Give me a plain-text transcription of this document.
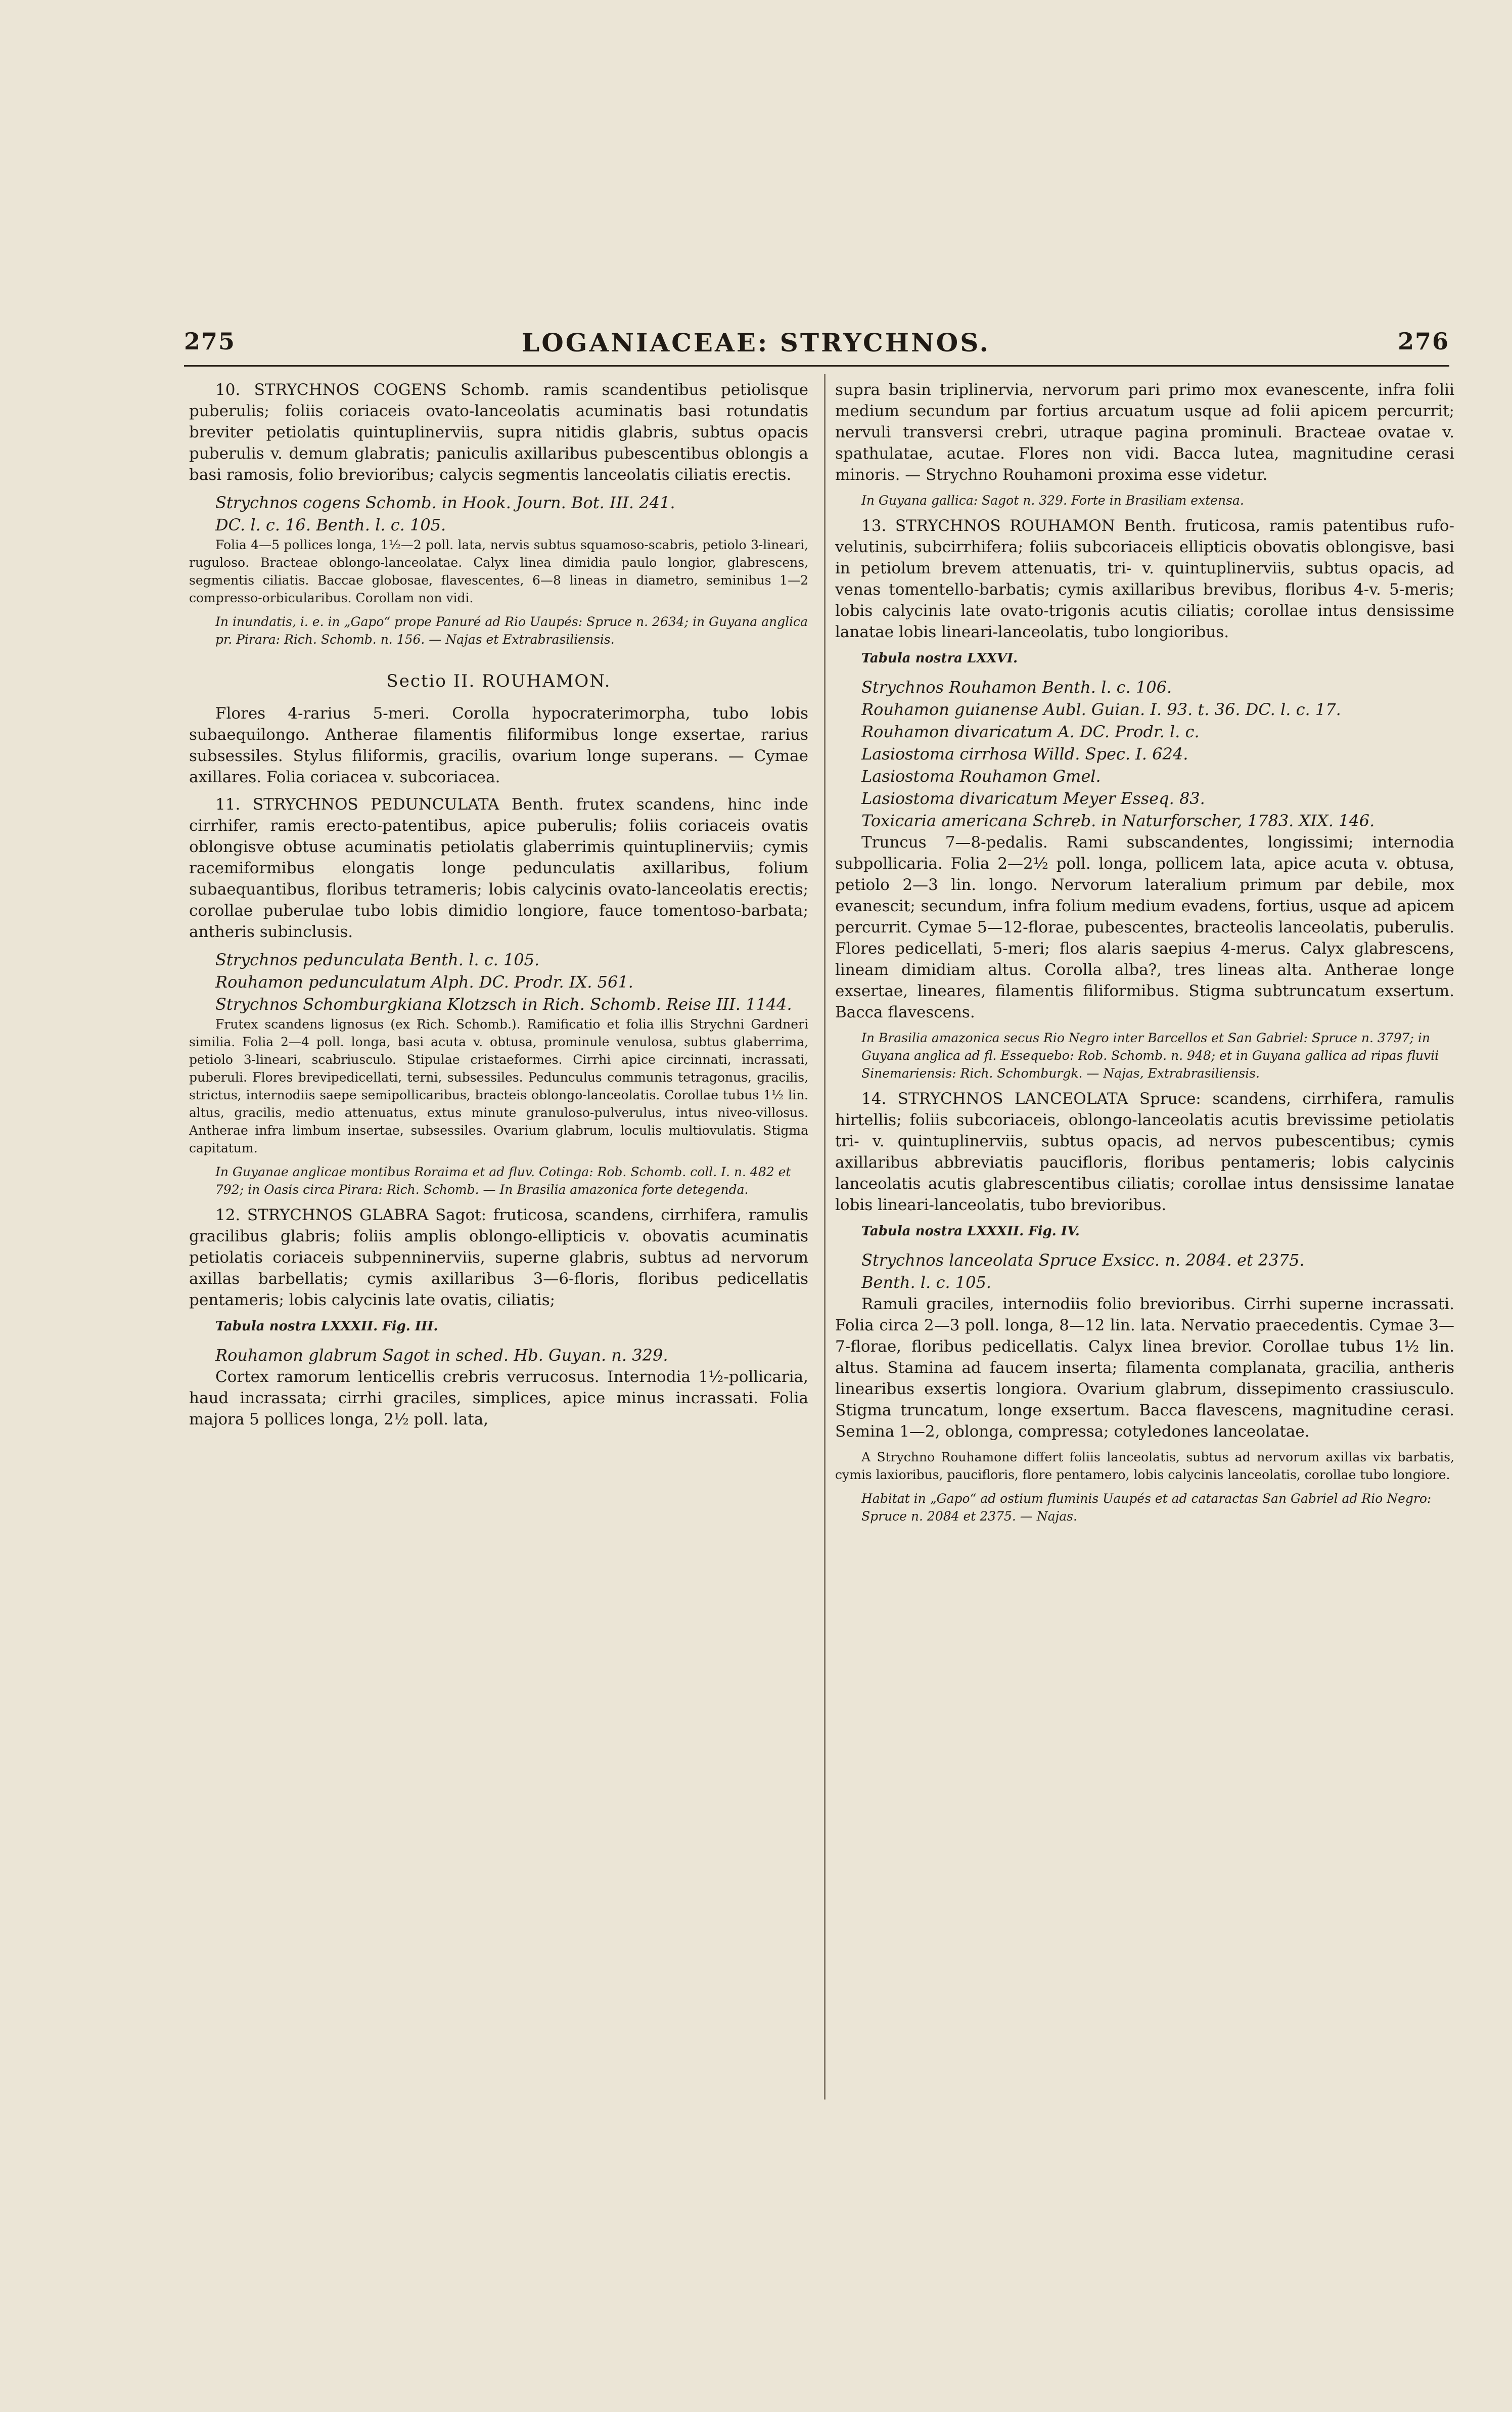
275	LOGANIACEAE: STRYCHNOS.	276

10. STRYCHNOS COGENS Schomb. ramis scandentibus petiolisque puberulis; foliis coriaceis ovato-lanceolatis acuminatis basi rotundatis breviter petiolatis quintuplinerviis, supra nitidis glabris, subtus opacis puberulis v. demum glabratis; paniculis axillaribus pubescentibus oblongis a basi ramosis, folio brevioribus; calycis segmentis lanceolatis ciliatis erectis.

Strychnos cogens Schomb. in Hook. Journ. Bot. III. 241.
DC. l. c. 16. Benth. l. c. 105.

Folia 4—5 pollices longa, 1½—2 poll. lata, nervis subtus squamoso-scabris, petiolo 3-lineari, rugulosо. Bracteae oblongo-lanceolatae. Calyx linea dimidia paulo longior, glabrescens, segmentis ciliatis. Baccae globosae, flavescentes, 6—8 lineas in diametro, seminibus 1—2 compresso-orbicularibus. Corollam non vidi.

In inundatis, i. e. in „Gapo“ prope Panuré ad Rio Uaupés: Spruce n. 2634; in Guyana anglica pr. Pirara: Rich. Schomb. n. 156. — Najas et Extrabrasiliensis.

Sectio II. ROUHAMON.

Flores 4-rarius 5-meri. Corolla hypocraterimorpha, tubo lobis subaequilongo. Antherae filamentis filiformibus longe exsertae, rarius subsessiles. Stylus filiformis, gracilis, ovarium longe superans. — Cymae axillares. Folia coriacea v. subcoriacea.

11. STRYCHNOS PEDUNCULATA Benth. frutex scandens, hinc inde cirrhifer, ramis erecto-patentibus, apice puberulis; foliis coriaceis ovatis oblongisve obtuse acuminatis petiolatis glaberrimis quintuplinerviis; cymis racemiformibus elongatis longe pedunculatis axillaribus, folium subaequantibus, floribus tetrameris; lobis calycinis ovato-lanceolatis erectis; corollae puberulae tubo lobis dimidio longiore, fauce tomentoso-barbata; antheris subinclusis.

Strychnos pedunculata Benth. l. c. 105.
Rouhamon pedunculatum Alph. DC. Prodr. IX. 561.
Strychnos Schomburgkiana Klotzsch in Rich. Schomb. Reise III. 1144.

Frutex scandens lignosus (ex Rich. Schomb.). Ramificatio et folia illis Strychni Gardneri similia. Folia 2—4 poll. longa, basi acuta v. obtusa, prominule venulosa, subtus glaberrima, petiolo 3-lineari, scabriusculo. Stipulae cristaeformes. Cirrhi apice circinnati, incrassati, puberuli. Flores brevipedicellati, terni, subsessiles. Pedunculus communis tetragonus, gracilis, strictus, internodiis saepe semipollicaribus, bracteis oblongo-lanceolatis. Corollae tubus 1½ lin. altus, gracilis, medio attenuatus, extus minute granuloso-pulverulus, intus niveo-villosus. Antherae infra limbum insertae, subsessiles. Ovarium glabrum, loculis multiovulatis. Stigma capitatum.

In Guyanae anglicae montibus Roraima et ad fluv. Cotinga: Rob. Schomb. coll. I. n. 482 et 792; in Oasis circa Pirara: Rich. Schomb. — In Brasilia amazonica forte detegenda.

12. STRYCHNOS GLABRA Sagot: fruticosa, scandens, cirrhifera, ramulis gracilibus glabris; foliis amplis oblongo-ellipticis v. obovatis acuminatis petiolatis coriaceis subpenninerviis, superne glabris, subtus ad nervorum axillas barbellatis; cymis axillaribus 3—6-floris, floribus pedicellatis pentameris; lobis calycinis late ovatis, ciliatis;

Tabula nostra LXXXII. Fig. III.

Rouhamon glabrum Sagot in sched. Hb. Guyan. n. 329.

Cortex ramorum lenticellis crebris verrucosus. Internodia 1½-pollicaria, haud incrassata; cirrhi graciles, simplices, apice minus incrassati. Folia majora 5 pollices longa, 2½ poll. lata,

supra basin triplinervia, nervorum pari primo mox evanescente, infra folii medium secundum par fortius arcuatum usque ad folii apicem percurrit; nervuli transversi crebri, utraque pagina prominuli. Bracteae ovatae v. spathulatae, acutae. Flores non vidi. Bacca lutea, magnitudine cerasi minoris. — Strychno Rouhamoni proxima esse videtur.

In Guyana gallica: Sagot n. 329. Forte in Brasiliam extensa.

13. STRYCHNOS ROUHAMON Benth. fruticosa, ramis patentibus rufo-velutinis, subcirrhifera; foliis subcoriaceis ellipticis obovatis oblongisve, basi in petiolum brevem attenuatis, tri- v. quintuplinerviis, subtus opacis, ad venas tomentello-barbatis; cymis axillaribus brevibus, floribus 4-v. 5-meris; lobis calycinis late ovato-trigonis acutis ciliatis; corollae intus densissime lanatae lobis lineari-lanceolatis, tubo longioribus.

Tabula nostra LXXVI.

Strychnos Rouhamon Benth. l. c. 106.
Rouhamon guianense Aubl. Guian. I. 93. t. 36. DC. l. c. 17.
Rouhamon divaricatum A. DC. Prodr. l. c.
Lasiostoma cirrhosa Willd. Spec. I. 624.
Lasiostoma Rouhamon Gmel.
Lasiostoma divaricatum Meyer Esseq. 83.
Toxicaria americana Schreb. in Naturforscher, 1783. XIX. 146.

Truncus 7—8-pedalis. Rami subscandentes, longissimi; internodia subpollicaria. Folia 2—2½ poll. longa, pollicem lata, apice acuta v. obtusa, petiolo 2—3 lin. longo. Nervorum lateralium primum par debile, mox evanescit; secundum, infra folium medium evadens, fortius, usque ad apicem percurrit. Cymae 5—12-florae, pubescentes, bracteolis lanceolatis, puberulis. Flores pedicellati, 5-meri; flos alaris saepius 4-merus. Calyx glabrescens, lineam dimidiam altus. Corolla alba?, tres lineas alta. Antherae longe exsertae, lineares, filamentis filiformibus. Stigma subtruncatum exsertum. Bacca flavescens.

In Brasilia amazonica secus Rio Negro inter Barcellos et San Gabriel: Spruce n. 3797; in Guyana anglica ad fl. Essequebo: Rob. Schomb. n. 948; et in Guyana gallica ad ripas fluvii Sinemariensis: Rich. Schomburgk. — Najas, Extrabrasiliensis.

14. STRYCHNOS LANCEOLATA Spruce: scandens, cirrhifera, ramulis hirtellis; foliis subcoriaceis, oblongo-lanceolatis acutis brevissime petiolatis tri- v. quintuplinerviis, subtus opacis, ad nervos pubescentibus; cymis axillaribus abbreviatis paucifloris, floribus pentameris; lobis calycinis lanceolatis acutis glabrescentibus ciliatis; corollae intus densissime lanatae lobis lineari-lanceolatis, tubo brevioribus.

Tabula nostra LXXXII. Fig. IV.

Strychnos lanceolata Spruce Exsicc. n. 2084. et 2375.
Benth. l. c. 105.

Ramuli graciles, internodiis folio brevioribus. Cirrhi superne incrassati. Folia circa 2—3 poll. longa, 8—12 lin. lata. Nervatio praecedentis. Cymae 3—7-florae, floribus pedicellatis. Calyx linea brevior. Corollae tubus 1½ lin. altus. Stamina ad faucem inserta; filamenta complanata, gracilia, antheris linearibus exsertis longiora. Ovarium glabrum, dissepimento crassiusculo. Stigma truncatum, longe exsertum. Bacca flavescens, magnitudine cerasi. Semina 1—2, oblonga, compressa; cotyledones lanceolatae.

A Strychno Rouhamone differt foliis lanceolatis, subtus ad nervorum axillas vix barbatis, cymis laxioribus, paucifloris, flore pentamero, lobis calycinis lanceolatis, corollae tubo longiore.

Habitat in „Gapo“ ad ostium fluminis Uaupés et ad cataractas San Gabriel ad Rio Negro: Spruce n. 2084 et 2375. — Najas.
